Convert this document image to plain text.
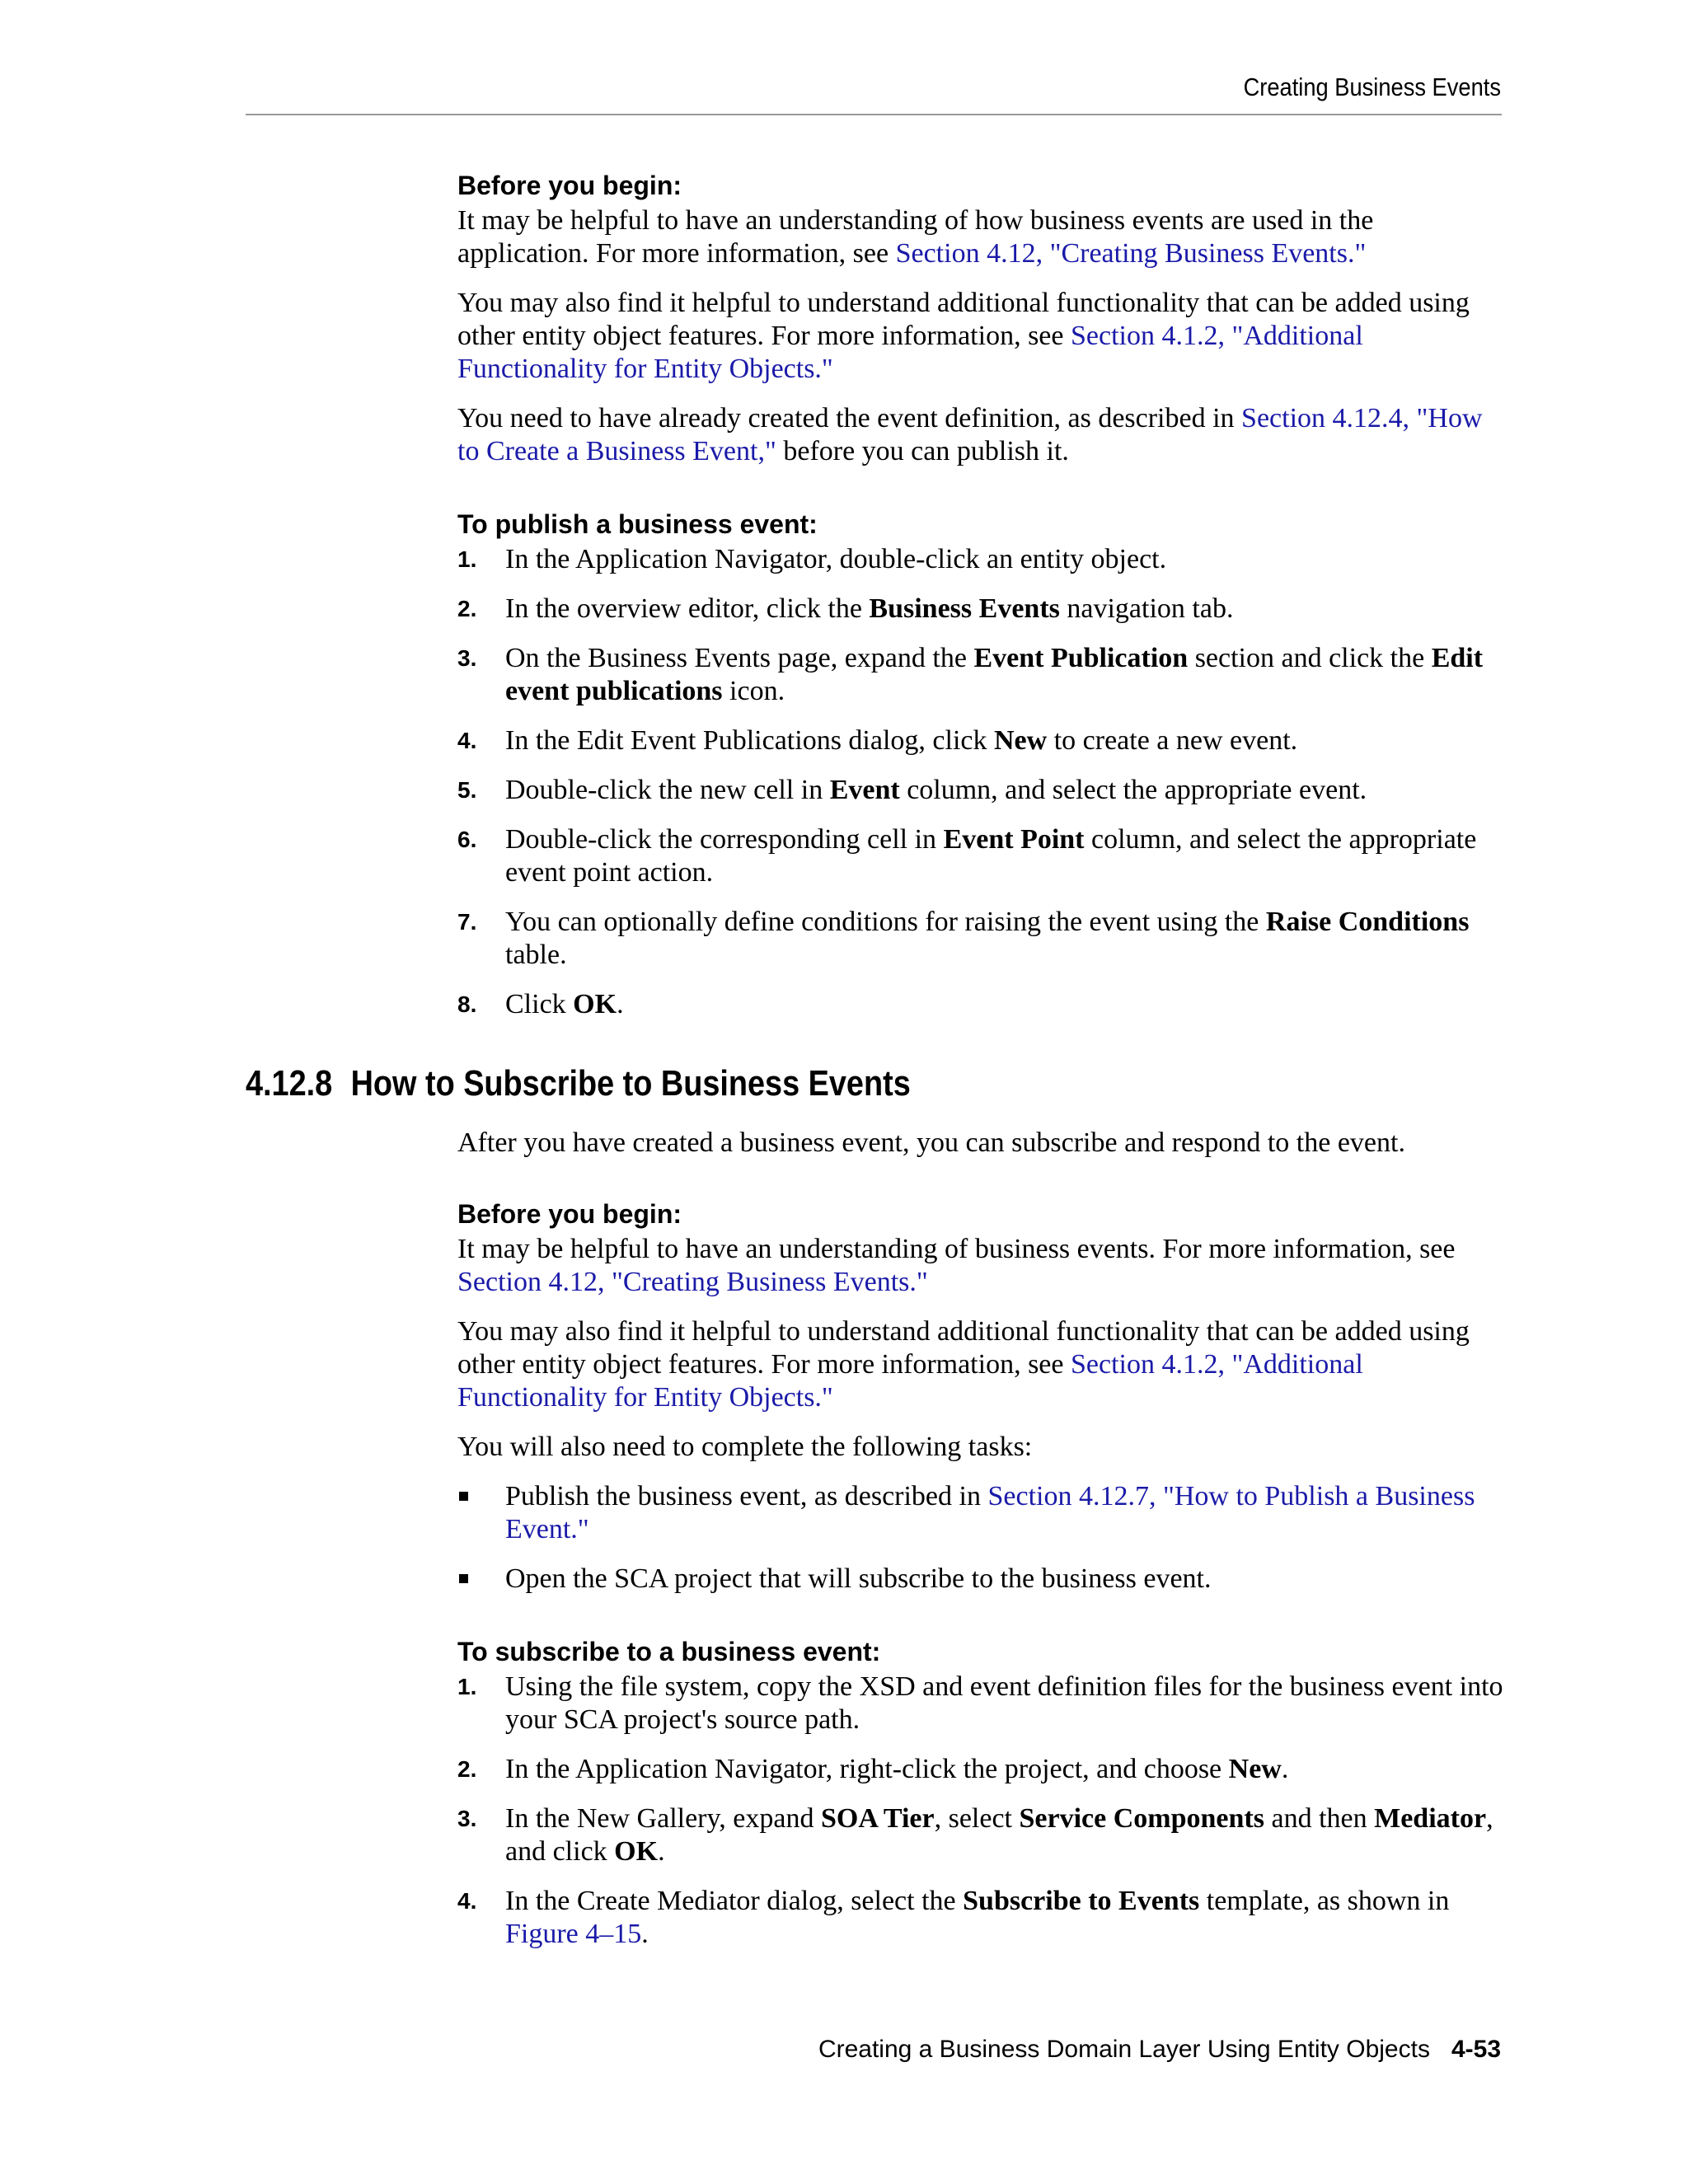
Creating Business Events

Before you begin:

It may be helpful to have an understanding of how business events are used in the application. For more information, see Section 4.12, "Creating Business Events."

You may also find it helpful to understand additional functionality that can be added using other entity object features. For more information, see Section 4.1.2, "Additional Functionality for Entity Objects."

You need to have already created the event definition, as described in Section 4.12.4, "How to Create a Business Event," before you can publish it.

To publish a business event:

1. In the Application Navigator, double-click an entity object.
2. In the overview editor, click the Business Events navigation tab.
3. On the Business Events page, expand the Event Publication section and click the Edit event publications icon.
4. In the Edit Event Publications dialog, click New to create a new event.
5. Double-click the new cell in Event column, and select the appropriate event.
6. Double-click the corresponding cell in Event Point column, and select the appropriate event point action.
7. You can optionally define conditions for raising the event using the Raise Conditions table.
8. Click OK.
4.12.8 How to Subscribe to Business Events

After you have created a business event, you can subscribe and respond to the event.

Before you begin:

It may be helpful to have an understanding of business events. For more information, see Section 4.12, "Creating Business Events."

You may also find it helpful to understand additional functionality that can be added using other entity object features. For more information, see Section 4.1.2, "Additional Functionality for Entity Objects."

You will also need to complete the following tasks:

Publish the business event, as described in Section 4.12.7, "How to Publish a Business Event."
Open the SCA project that will subscribe to the business event.

To subscribe to a business event:

1. Using the file system, copy the XSD and event definition files for the business event into your SCA project's source path.
2. In the Application Navigator, right-click the project, and choose New.
3. In the New Gallery, expand SOA Tier, select Service Components and then Mediator, and click OK.
4. In the Create Mediator dialog, select the Subscribe to Events template, as shown in Figure 4–15.
Creating a Business Domain Layer Using Entity Objects 4-53
